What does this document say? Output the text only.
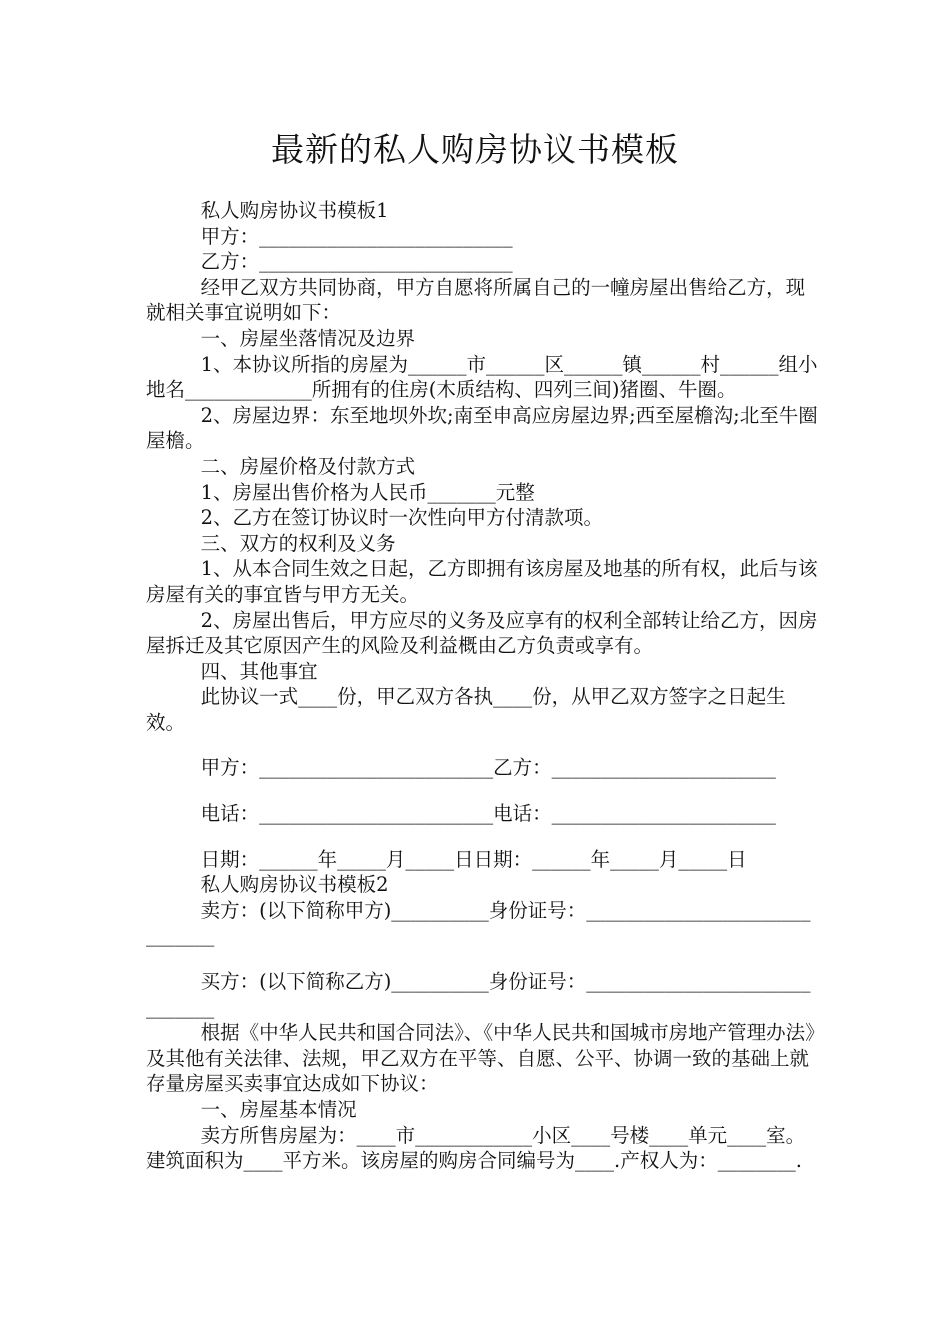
最新的私人购房协议书模板

私人购房协议书模板1

甲方：__________________________

乙方：__________________________

经甲乙双方共同协商，甲方自愿将所属自己的一幢房屋出售给乙方，现就相关事宜说明如下：

一、房屋坐落情况及边界

1、本协议所指的房屋为______市______区______镇______村______组小地名_____________所拥有的住房(木质结构、四列三间)猪圈、牛圈。

2、房屋边界：东至地坝外坎;南至申高应房屋边界;西至屋檐沟;北至牛圈屋檐。

二、房屋价格及付款方式

1、房屋出售价格为人民币_______元整

2、乙方在签订协议时一次性向甲方付清款项。

三、双方的权利及义务

1、从本合同生效之日起，乙方即拥有该房屋及地基的所有权，此后与该房屋有关的事宜皆与甲方无关。

2、房屋出售后，甲方应尽的义务及应享有的权利全部转让给乙方，因房屋拆迁及其它原因产生的风险及利益概由乙方负责或享有。

四、其他事宜

此协议一式____份，甲乙双方各执____份，从甲乙双方签字之日起生效。

甲方：________________________乙方：_______________________

电话：________________________电话：_______________________

日期：______年_____月_____日日期：______年_____月_____日

私人购房协议书模板2

卖方：(以下简称甲方)__________身份证号：______________________________

买方：(以下简称乙方)__________身份证号：______________________________

根据《中华人民共和国合同法》、《中华人民共和国城市房地产管理办法》及其他有关法律、法规，甲乙双方在平等、自愿、公平、协调一致的基础上就存量房屋买卖事宜达成如下协议：

一、房屋基本情况

卖方所售房屋为：____市____________小区____号楼____单元____室。建筑面积为____平方米。该房屋的购房合同编号为____.产权人为：________.
